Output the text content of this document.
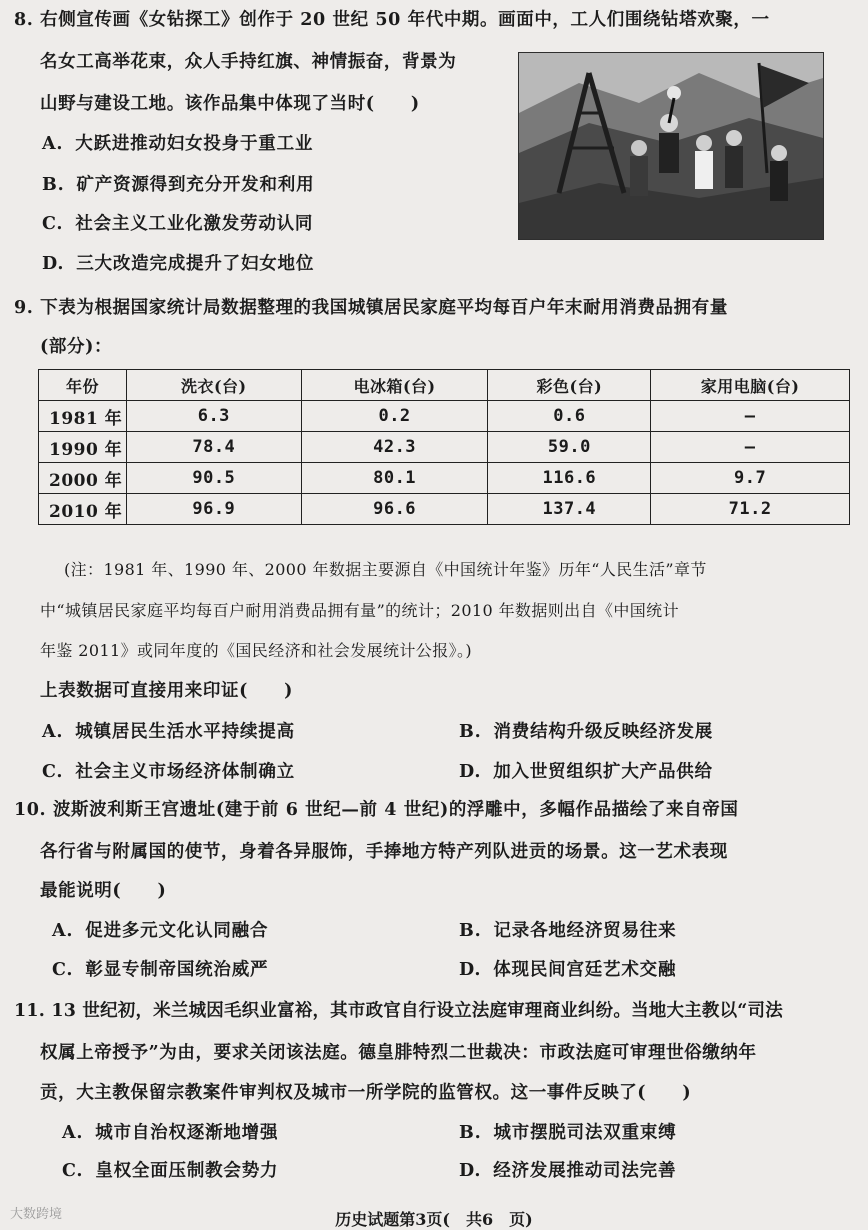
8. 右侧宣传画《女钻探工》创作于 20 世纪 50 年代中期。画面中，工人们围绕钻塔欢聚，一
名女工高举花束，众人手持红旗、神情振奋，背景为
山野与建设工地。该作品集中体现了当时(　　)
A. 大跃进推动妇女投身于重工业
B. 矿产资源得到充分开发和利用
C. 社会主义工业化激发劳动认同
D. 三大改造完成提升了妇女地位
9. 下表为根据国家统计局数据整理的我国城镇居民家庭平均每百户年末耐用消费品拥有量
(部分)：
年份	洗衣(台)	电冰箱(台)	彩色(台)	家用电脑(台)
1981 年	6.3	0.2	0.6	—
1990 年	78.4	42.3	59.0	—
2000 年	90.5	80.1	116.6	9.7
2010 年	96.9	96.6	137.4	71.2
(注：1981 年、1990 年、2000 年数据主要源自《中国统计年鉴》历年“人民生活”章节
中“城镇居民家庭平均每百户耐用消费品拥有量”的统计；2010 年数据则出自《中国统计
年鉴 2011》或同年度的《国民经济和社会发展统计公报》。)
上表数据可直接用来印证(　　)
A. 城镇居民生活水平持续提高	B. 消费结构升级反映经济发展
C. 社会主义市场经济体制确立	D. 加入世贸组织扩大产品供给
10. 波斯波利斯王宫遗址(建于前 6 世纪—前 4 世纪)的浮雕中，多幅作品描绘了来自帝国
各行省与附属国的使节，身着各异服饰，手捧地方特产列队进贡的场景。这一艺术表现
最能说明(　　)
A. 促进多元文化认同融合	B. 记录各地经济贸易往来
C. 彰显专制帝国统治威严	D. 体现民间宫廷艺术交融
11. 13 世纪初，米兰城因毛织业富裕，其市政官自行设立法庭审理商业纠纷。当地大主教以“司法
权属上帝授予”为由，要求关闭该法庭。德皇腓特烈二世裁决：市政法庭可审理世俗缴纳年
贡，大主教保留宗教案件审判权及城市一所学院的监管权。这一事件反映了(　　)
A. 城市自治权逐渐地增强	B. 城市摆脱司法双重束缚
C. 皇权全面压制教会势力	D. 经济发展推动司法完善
大数跨境	历史试题第3页(　共6　页)
